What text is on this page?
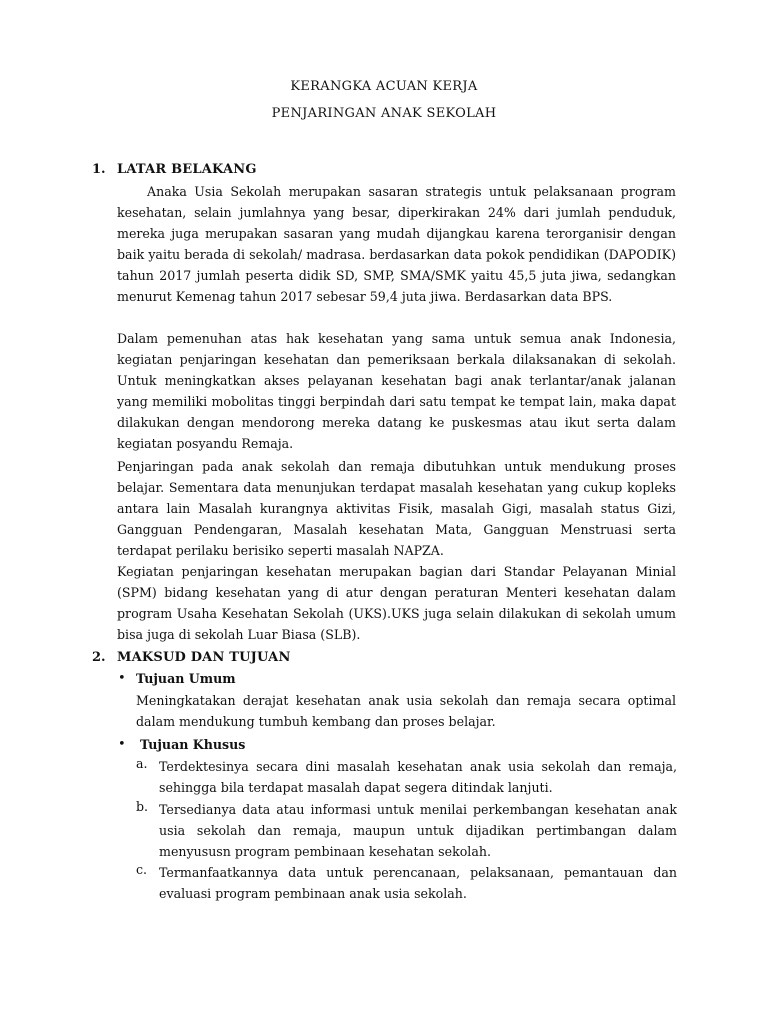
KERANGKA ACUAN KERJA
PENJARINGAN ANAK SEKOLAH
1. LATAR BELAKANG

Anaka Usia Sekolah merupakan sasaran strategis untuk pelaksanaan program kesehatan, selain jumlahnya yang besar, diperkirakan 24% dari jumlah penduduk, mereka juga merupakan sasaran yang mudah dijangkau karena terorganisir dengan baik yaitu berada di sekolah/ madrasa. berdasarkan data pokok pendidikan (DAPODIK) tahun 2017 jumlah peserta didik SD, SMP, SMA/SMK yaitu 45,5 juta jiwa, sedangkan menurut Kemenag tahun 2017 sebesar 59,4 juta jiwa. Berdasarkan data BPS.

Dalam pemenuhan atas hak kesehatan yang sama untuk semua anak Indonesia, kegiatan penjaringan kesehatan dan pemeriksaan berkala dilaksanakan di sekolah. Untuk meningkatkan akses pelayanan kesehatan bagi anak terlantar/anak jalanan yang memiliki mobolitas tinggi berpindah dari satu tempat ke tempat lain, maka dapat dilakukan dengan mendorong mereka datang ke puskesmas atau ikut serta dalam kegiatan posyandu Remaja.

Penjaringan pada anak sekolah dan remaja dibutuhkan untuk mendukung proses belajar. Sementara data menunjukan terdapat masalah kesehatan yang cukup kopleks antara lain Masalah kurangnya aktivitas Fisik, masalah Gigi, masalah status Gizi, Gangguan Pendengaran, Masalah kesehatan Mata, Gangguan Menstruasi serta terdapat perilaku berisiko seperti masalah NAPZA.

Kegiatan penjaringan kesehatan merupakan bagian dari Standar Pelayanan Minial (SPM) bidang kesehatan yang di atur dengan peraturan Menteri kesehatan dalam program Usaha Kesehatan Sekolah (UKS).UKS juga selain dilakukan di sekolah umum bisa juga di sekolah Luar Biasa (SLB).

2. MAKSUD DAN TUJUAN
• Tujuan Umum

Meningkatakan derajat kesehatan anak usia sekolah dan remaja secara optimal dalam mendukung tumbuh kembang dan proses belajar.

• Tujuan Khusus
a. Terdektesinya secara dini masalah kesehatan anak usia sekolah dan remaja, sehingga bila terdapat masalah dapat segera ditindak lanjuti.

b. Tersedianya data atau informasi untuk menilai perkembangan kesehatan anak usia sekolah dan remaja, maupun untuk dijadikan pertimbangan dalam menyususn program pembinaan kesehatan sekolah.

c. Termanfaatkannya data untuk perencanaan, pelaksanaan, pemantauan dan evaluasi program pembinaan anak usia sekolah.
